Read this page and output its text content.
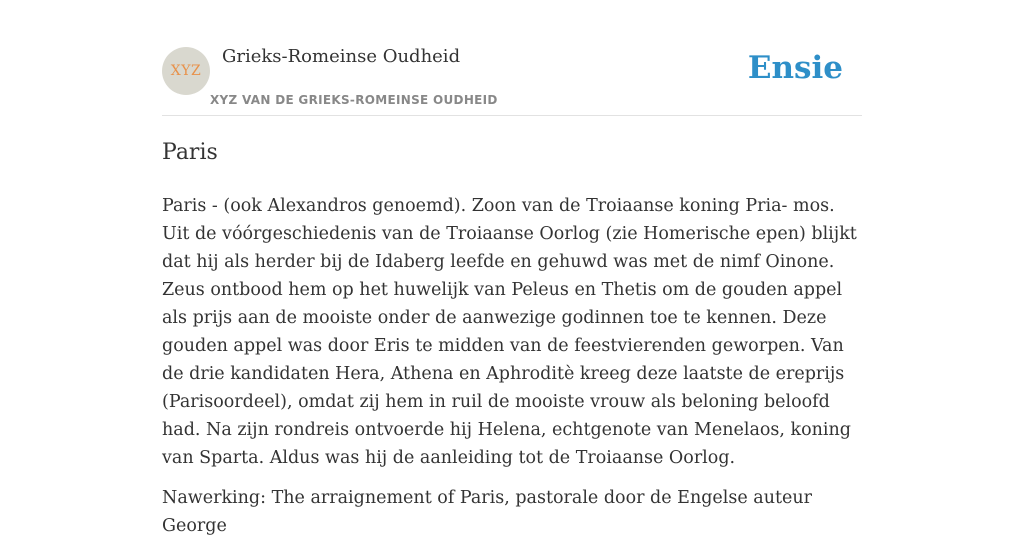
XYZ
Grieks-Romeinse Oudheid
XYZ VAN DE GRIEKS-ROMEINSE OUDHEID
Ensie
Paris

Paris - (ook Alexandros genoemd). Zoon van de Troiaanse koning Pria- mos. Uit de vóórgeschiedenis van de Troiaanse Oorlog (zie Homerische epen) blijkt dat hij als herder bij de Idaberg leefde en gehuwd was met de nimf Oinone. Zeus ontbood hem op het huwelijk van Peleus en Thetis om de gouden appel als prijs aan de mooiste onder de aanwezige godinnen toe te kennen. Deze gouden appel was door Eris te midden van de feestvierenden geworpen. Van de drie kandidaten Hera, Athena en Aphroditè kreeg deze laatste de ereprijs (Parisoordeel), omdat zij hem in ruil de mooiste vrouw als beloning beloofd had. Na zijn rondreis ontvoerde hij Helena, echtgenote van Menelaos, koning van Sparta. Aldus was hij de aanleiding tot de Troiaanse Oorlog.

Nawerking: The arraignement of Paris, pastorale door de Engelse auteur George
